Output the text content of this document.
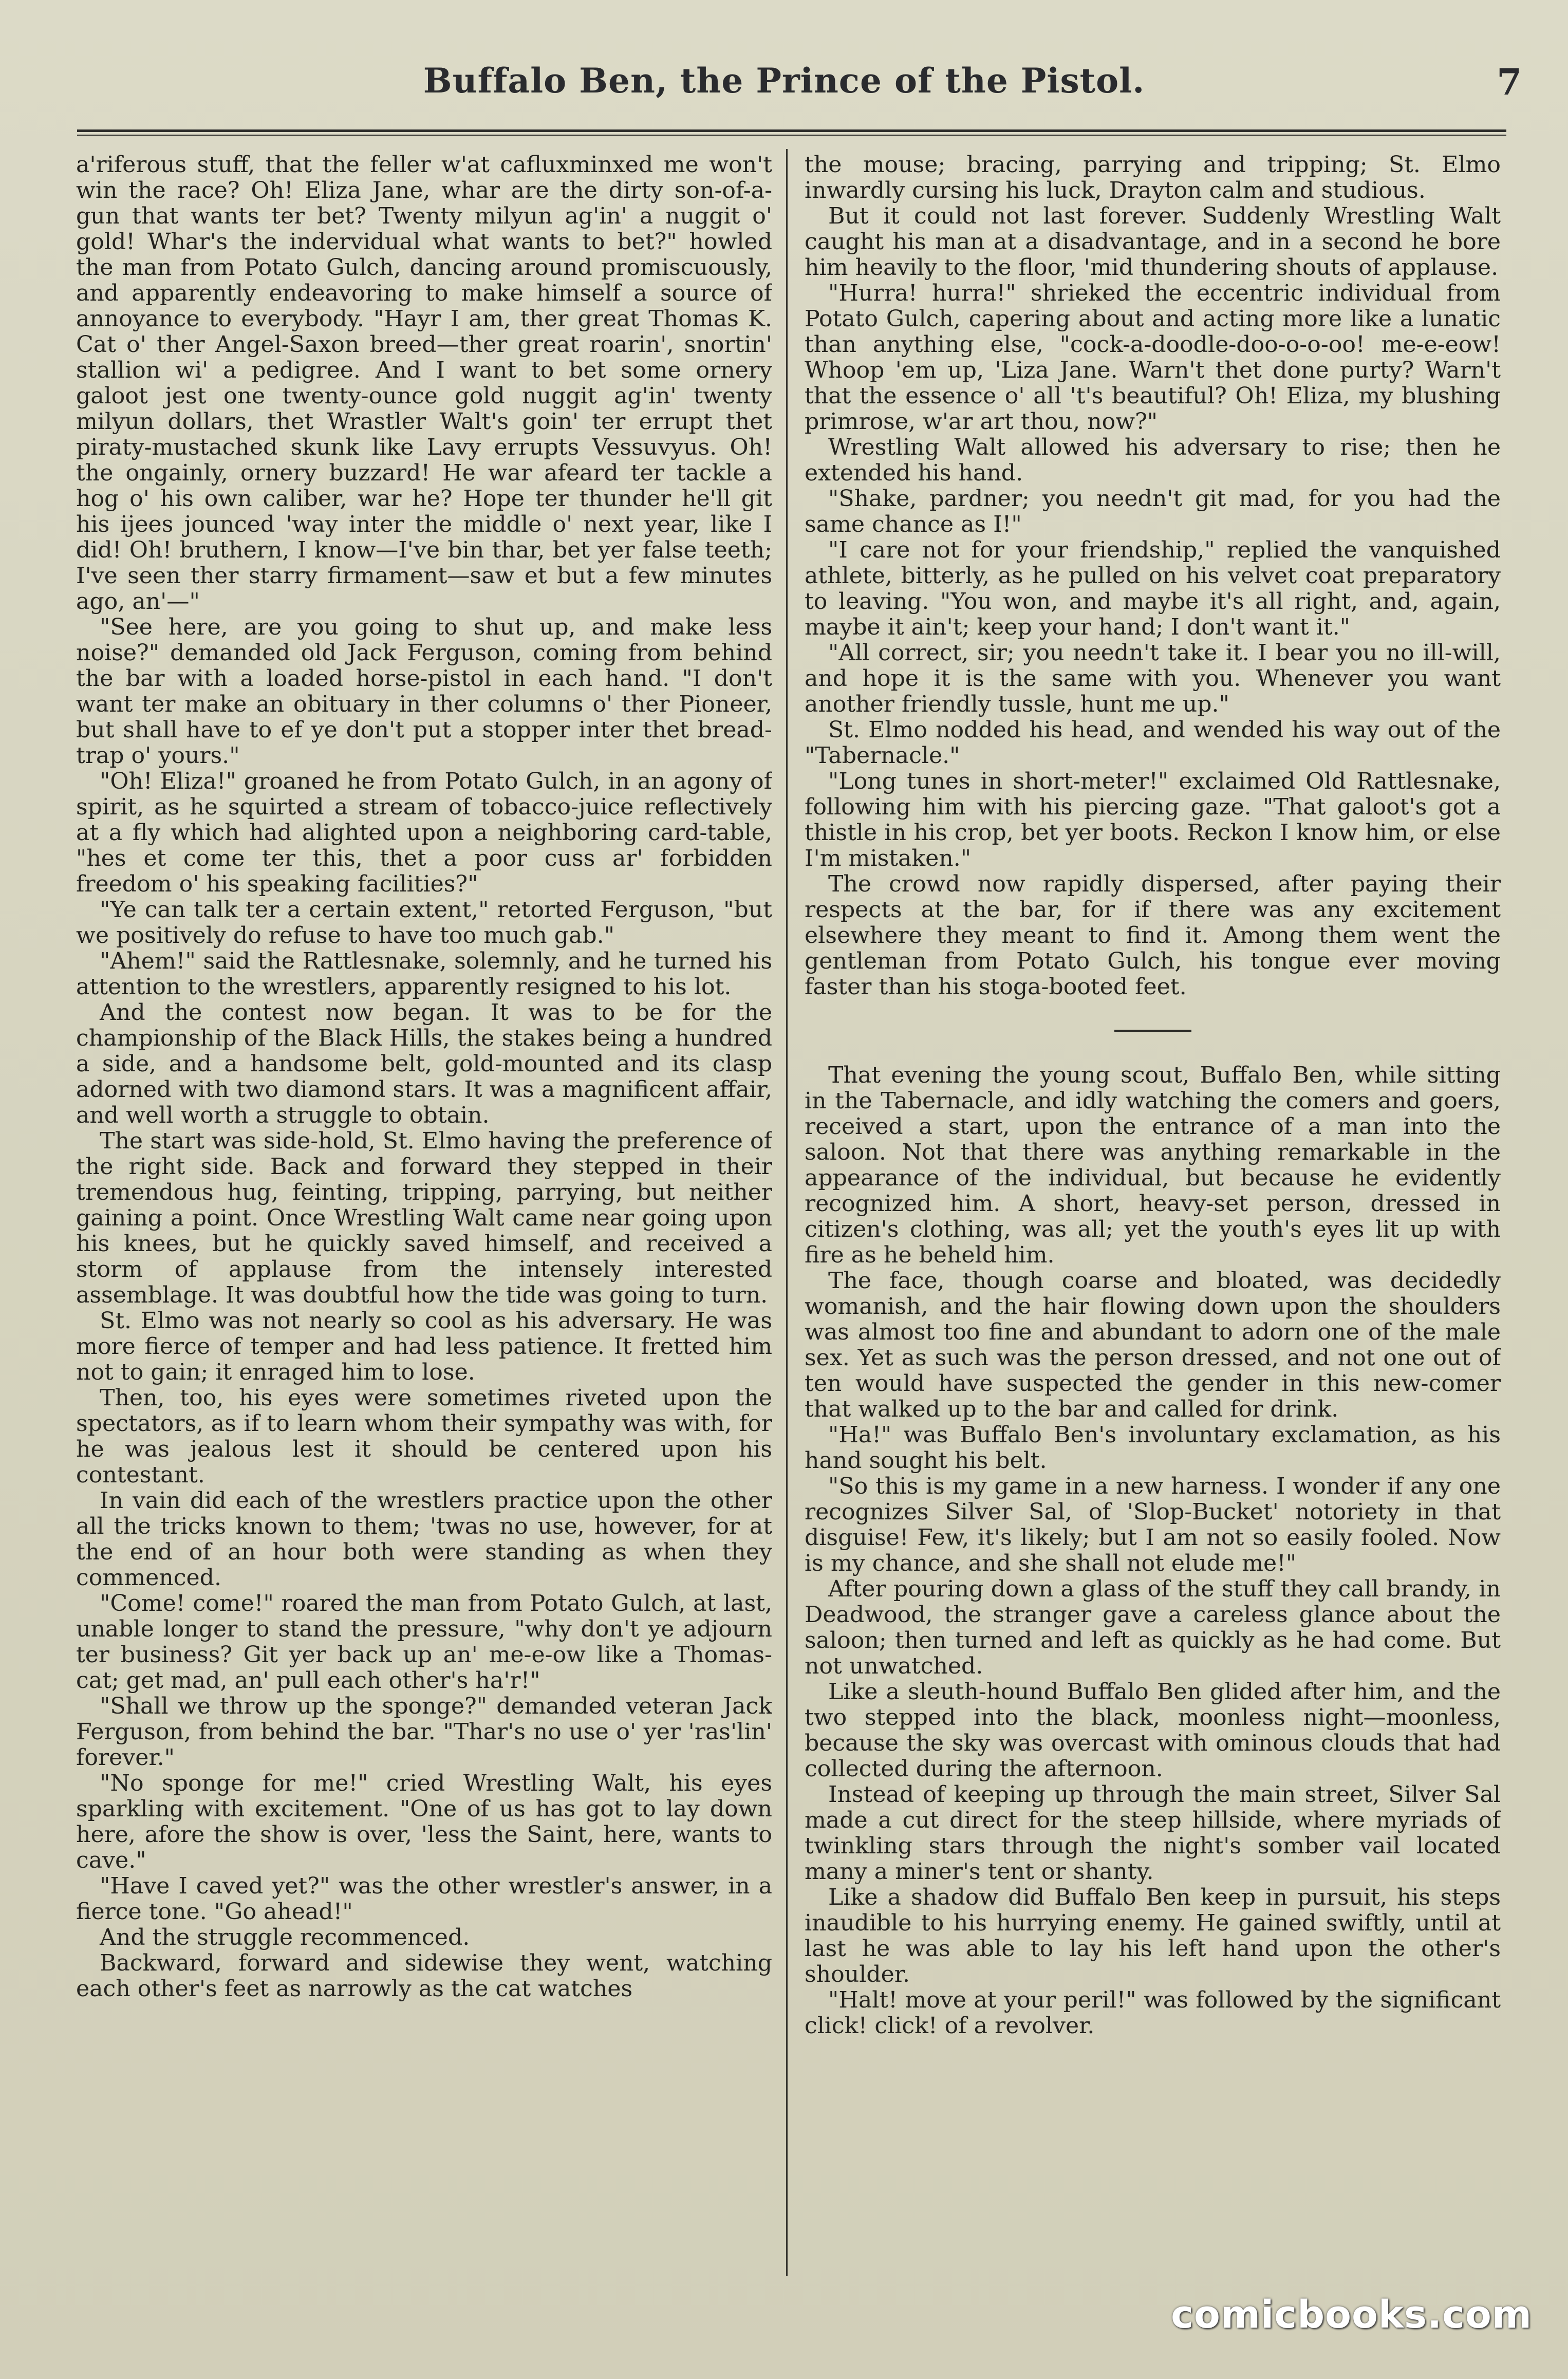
Buffalo Ben, the Prince of the Pistol.	7

a'riferous stuff, that the feller w'at cafluxminxed me won't win the race? Oh! Eliza Jane, whar are the dirty son-of-a-gun that wants ter bet? Twenty milyun ag'in' a nuggit o' gold! Whar's the indervidual what wants to bet?" howled the man from Potato Gulch, dancing around promiscuously, and apparently endeavoring to make himself a source of annoyance to everybody. "Hayr I am, ther great Thomas K. Cat o' ther Angel-Saxon breed—ther great roarin', snortin' stallion wi' a pedigree. And I want to bet some ornery galoot jest one twenty-ounce gold nuggit ag'in' twenty milyun dollars, thet Wrastler Walt's goin' ter errupt thet piraty-mustached skunk like Lavy errupts Vessuvyus. Oh! the ongainly, ornery buzzard! He war afeard ter tackle a hog o' his own caliber, war he? Hope ter thunder he'll git his ijees jounced 'way inter the middle o' next year, like I did! Oh! bruthern, I know—I've bin thar, bet yer false teeth; I've seen ther starry firmament—saw et but a few minutes ago, an'—"

"See here, are you going to shut up, and make less noise?" demanded old Jack Ferguson, coming from behind the bar with a loaded horse-pistol in each hand. "I don't want ter make an obituary in ther columns o' ther Pioneer, but shall have to ef ye don't put a stopper inter thet bread-trap o' yours."

"Oh! Eliza!" groaned he from Potato Gulch, in an agony of spirit, as he squirted a stream of tobacco-juice reflectively at a fly which had alighted upon a neighboring card-table, "hes et come ter this, thet a poor cuss ar' forbidden freedom o' his speaking facilities?"

"Ye can talk ter a certain extent," retorted Ferguson, "but we positively do refuse to have too much gab."

"Ahem!" said the Rattlesnake, solemnly, and he turned his attention to the wrestlers, apparently resigned to his lot.

And the contest now began. It was to be for the championship of the Black Hills, the stakes being a hundred a side, and a handsome belt, gold-mounted and its clasp adorned with two diamond stars. It was a magnificent affair, and well worth a struggle to obtain.

The start was side-hold, St. Elmo having the preference of the right side. Back and forward they stepped in their tremendous hug, feinting, tripping, parrying, but neither gaining a point. Once Wrestling Walt came near going upon his knees, but he quickly saved himself, and received a storm of applause from the intensely interested assemblage. It was doubtful how the tide was going to turn.

St. Elmo was not nearly so cool as his adversary. He was more fierce of temper and had less patience. It fretted him not to gain; it enraged him to lose.

Then, too, his eyes were sometimes riveted upon the spectators, as if to learn whom their sympathy was with, for he was jealous lest it should be centered upon his contestant.

In vain did each of the wrestlers practice upon the other all the tricks known to them; 'twas no use, however, for at the end of an hour both were standing as when they commenced.

"Come! come!" roared the man from Potato Gulch, at last, unable longer to stand the pressure, "why don't ye adjourn ter business? Git yer back up an' me-e-ow like a Thomas-cat; get mad, an' pull each other's ha'r!"

"Shall we throw up the sponge?" demanded veteran Jack Ferguson, from behind the bar. "Thar's no use o' yer 'ras'lin' forever."

"No sponge for me!" cried Wrestling Walt, his eyes sparkling with excitement. "One of us has got to lay down here, afore the show is over, 'less the Saint, here, wants to cave."

"Have I caved yet?" was the other wrestler's answer, in a fierce tone. "Go ahead!"

And the struggle recommenced.

Backward, forward and sidewise they went, watching each other's feet as narrowly as the cat watches

the mouse; bracing, parrying and tripping; St. Elmo inwardly cursing his luck, Drayton calm and studious.

But it could not last forever. Suddenly Wrestling Walt caught his man at a disadvantage, and in a second he bore him heavily to the floor, 'mid thundering shouts of applause.

"Hurra! hurra!" shrieked the eccentric individual from Potato Gulch, capering about and acting more like a lunatic than anything else, "cock-a-doodle-doo-o-o-oo! me-e-eow! Whoop 'em up, 'Liza Jane. Warn't thet done purty? Warn't that the essence o' all 't's beautiful? Oh! Eliza, my blushing primrose, w'ar art thou, now?"

Wrestling Walt allowed his adversary to rise; then he extended his hand.

"Shake, pardner; you needn't git mad, for you had the same chance as I!"

"I care not for your friendship," replied the vanquished athlete, bitterly, as he pulled on his velvet coat preparatory to leaving. "You won, and maybe it's all right, and, again, maybe it ain't; keep your hand; I don't want it."

"All correct, sir; you needn't take it. I bear you no ill-will, and hope it is the same with you. Whenever you want another friendly tussle, hunt me up."

St. Elmo nodded his head, and wended his way out of the "Tabernacle."

"Long tunes in short-meter!" exclaimed Old Rattlesnake, following him with his piercing gaze. "That galoot's got a thistle in his crop, bet yer boots. Reckon I know him, or else I'm mistaken."

The crowd now rapidly dispersed, after paying their respects at the bar, for if there was any excitement elsewhere they meant to find it. Among them went the gentleman from Potato Gulch, his tongue ever moving faster than his stoga-booted feet.

That evening the young scout, Buffalo Ben, while sitting in the Tabernacle, and idly watching the comers and goers, received a start, upon the entrance of a man into the saloon. Not that there was anything remarkable in the appearance of the individual, but because he evidently recognized him. A short, heavy-set person, dressed in citizen's clothing, was all; yet the youth's eyes lit up with fire as he beheld him.

The face, though coarse and bloated, was decidedly womanish, and the hair flowing down upon the shoulders was almost too fine and abundant to adorn one of the male sex. Yet as such was the person dressed, and not one out of ten would have suspected the gender in this new-comer that walked up to the bar and called for drink.

"Ha!" was Buffalo Ben's involuntary exclamation, as his hand sought his belt.

"So this is my game in a new harness. I wonder if any one recognizes Silver Sal, of 'Slop-Bucket' notoriety in that disguise! Few, it's likely; but I am not so easily fooled. Now is my chance, and she shall not elude me!"

After pouring down a glass of the stuff they call brandy, in Deadwood, the stranger gave a careless glance about the saloon; then turned and left as quickly as he had come. But not unwatched.

Like a sleuth-hound Buffalo Ben glided after him, and the two stepped into the black, moonless night—moonless, because the sky was overcast with ominous clouds that had collected during the afternoon.

Instead of keeping up through the main street, Silver Sal made a cut direct for the steep hillside, where myriads of twinkling stars through the night's somber vail located many a miner's tent or shanty.

Like a shadow did Buffalo Ben keep in pursuit, his steps inaudible to his hurrying enemy. He gained swiftly, until at last he was able to lay his left hand upon the other's shoulder.

"Halt! move at your peril!" was followed by the significant click! click! of a revolver.

comicbooks.com
